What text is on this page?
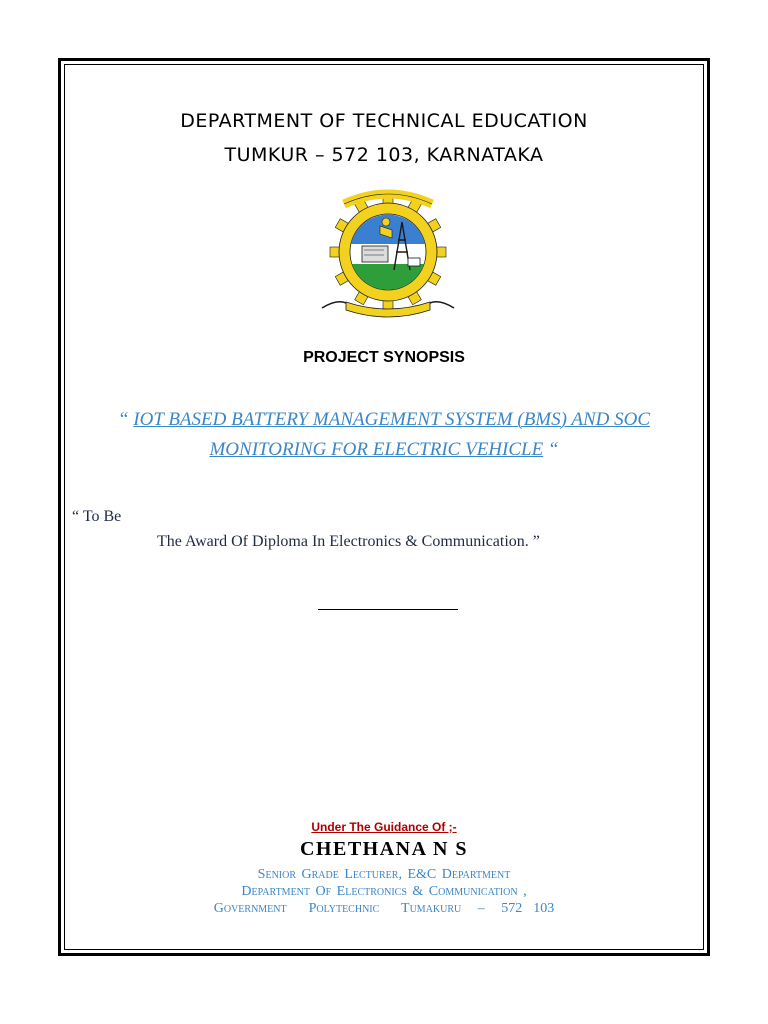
DEPARTMENT OF TECHNICAL EDUCATION
TUMKUR – 572 103, KARNATAKA
PROJECT SYNOPSIS
“ IOT BASED BATTERY MANAGEMENT SYSTEM (BMS) AND SOC
MONITORING FOR ELECTRIC VEHICLE “
“ To Be
The Award Of Diploma In Electronics & Communication. ”
Under The Guidance Of ;-
CHETHANA N S
Senior Grade Lecturer, E&C Department
Department Of Electronics & Communication ,
Government    Polytechnic    Tumakuru   –   572  103
